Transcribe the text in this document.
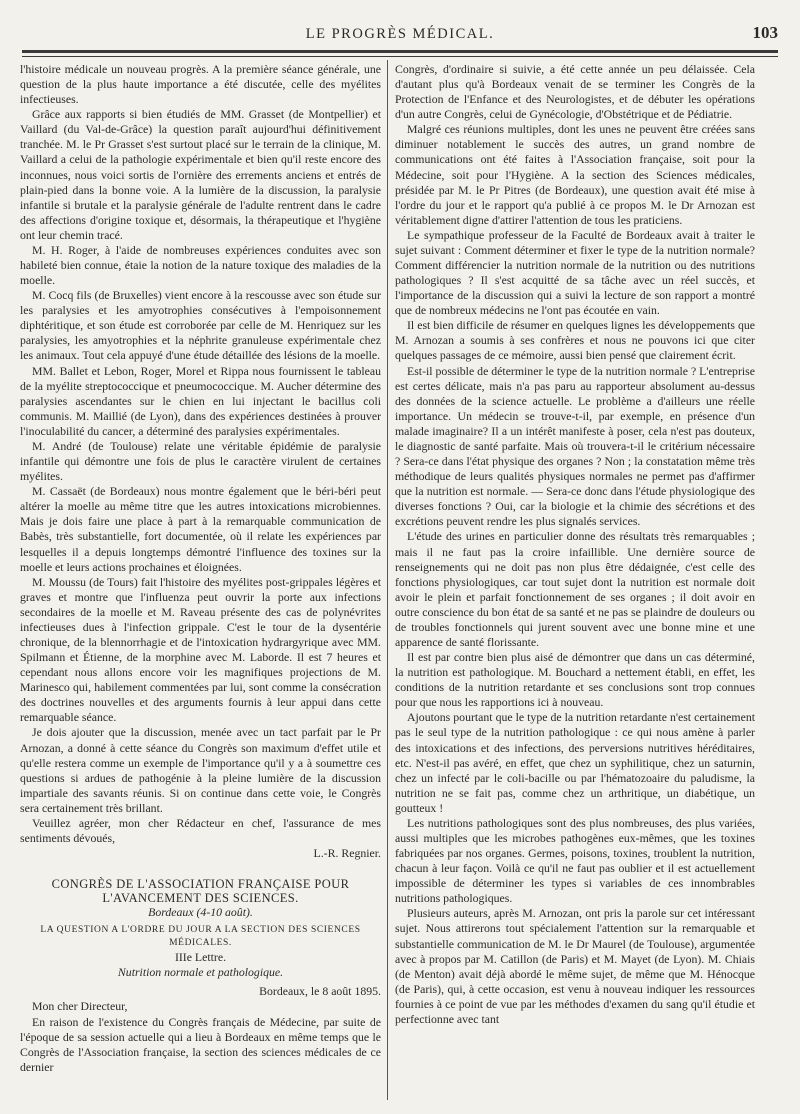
LE PROGRÈS MÉDICAL.	103

l'histoire médicale un nouveau progrès. A la première séance générale, une question de la plus haute importance a été discutée, celle des myélites infectieuses.

Grâce aux rapports si bien étudiés de MM. Grasset (de Montpellier) et Vaillard (du Val-de-Grâce) la question paraît aujourd'hui définitivement tranchée. M. le Pr Grasset s'est surtout placé sur le terrain de la clinique, M. Vaillard a celui de la pathologie expérimentale et bien qu'il reste encore des inconnues, nous voici sortis de l'ornière des errements anciens et entrés de plain-pied dans la bonne voie. A la lumière de la discussion, la paralysie infantile si brutale et la paralysie générale de l'adulte rentrent dans le cadre des affections d'origine toxique et, désormais, la thérapeutique et l'hygiène ont leur chemin tracé.

M. H. Roger, à l'aide de nombreuses expériences conduites avec son habileté bien connue, étaie la notion de la nature toxique des maladies de la moelle.

M. Cocq fils (de Bruxelles) vient encore à la rescousse avec son étude sur les paralysies et les amyotrophies consécutives à l'empoisonnement diphtéritique, et son étude est corroborée par celle de M. Henriquez sur les paralysies, les amyotrophies et la néphrite granuleuse expérimentale chez les animaux. Tout cela appuyé d'une étude détaillée des lésions de la moelle.

MM. Ballet et Lebon, Roger, Morel et Rippa nous fournissent le tableau de la myélite streptococcique et pneumococcique. M. Aucher détermine des paralysies ascendantes sur le chien en lui injectant le bacillus coli communis. M. Maillié (de Lyon), dans des expériences destinées à prouver l'inoculabilité du cancer, a déterminé des paralysies expérimentales.

M. André (de Toulouse) relate une véritable épidémie de paralysie infantile qui démontre une fois de plus le caractère virulent de certaines myélites.

M. Cassaët (de Bordeaux) nous montre également que le béri-béri peut altérer la moelle au même titre que les autres intoxications microbiennes. Mais je dois faire une place à part à la remarquable communication de Babès, très substantielle, fort documentée, où il relate les expériences par lesquelles il a depuis longtemps démontré l'influence des toxines sur la moelle et leurs actions prochaines et éloignées.

M. Moussu (de Tours) fait l'histoire des myélites post-grippales légères et graves et montre que l'influenza peut ouvrir la porte aux infections secondaires de la moelle et M. Raveau présente des cas de polynévrites infectieuses dues à l'infection grippale. C'est le tour de la dysentérie chronique, de la blennorrhagie et de l'intoxication hydrargyrique avec MM. Spilmann et Étienne, de la morphine avec M. Laborde. Il est 7 heures et cependant nous allons encore voir les magnifiques projections de M. Marinesco qui, habilement commentées par lui, sont comme la consécration des doctrines nouvelles et des arguments fournis à leur appui dans cette remarquable séance.

Je dois ajouter que la discussion, menée avec un tact parfait par le Pr Arnozan, a donné à cette séance du Congrès son maximum d'effet utile et qu'elle restera comme un exemple de l'importance qu'il y a à soumettre ces questions si ardues de pathogénie à la pleine lumière de la discussion impartiale des savants réunis. Si on continue dans cette voie, le Congrès sera certainement très brillant.

Veuillez agréer, mon cher Rédacteur en chef, l'assurance de mes sentiments dévoués,

L.-R. Regnier.

CONGRÈS DE L'ASSOCIATION FRANÇAISE POUR L'AVANCEMENT DES SCIENCES.

Bordeaux (4-10 août).

LA QUESTION A L'ORDRE DU JOUR A LA SECTION DES SCIENCES MÉDICALES.

IIIe Lettre.

Nutrition normale et pathologique.

Bordeaux, le 8 août 1895.

Mon cher Directeur,

En raison de l'existence du Congrès français de Médecine, par suite de l'époque de sa session actuelle qui a lieu à Bordeaux en même temps que le Congrès de l'Association française, la section des sciences médicales de ce dernier

Congrès, d'ordinaire si suivie, a été cette année un peu délaissée. Cela d'autant plus qu'à Bordeaux venait de se terminer les Congrès de la Protection de l'Enfance et des Neurologistes, et de débuter les opérations d'un autre Congrès, celui de Gynécologie, d'Obstétrique et de Pédiatrie.

Malgré ces réunions multiples, dont les unes ne peuvent être créées sans diminuer notablement le succès des autres, un grand nombre de communications ont été faites à l'Association française, soit pour la Médecine, soit pour l'Hygiène. A la section des Sciences médicales, présidée par M. le Pr Pitres (de Bordeaux), une question avait été mise à l'ordre du jour et le rapport qu'a publié à ce propos M. le Dr Arnozan est véritablement digne d'attirer l'attention de tous les praticiens.

Le sympathique professeur de la Faculté de Bordeaux avait à traiter le sujet suivant : Comment déterminer et fixer le type de la nutrition normale? Comment différencier la nutrition normale de la nutrition ou des nutritions pathologiques ? Il s'est acquitté de sa tâche avec un réel succès, et l'importance de la discussion qui a suivi la lecture de son rapport a montré que de nombreux médecins ne l'ont pas écoutée en vain.

Il est bien difficile de résumer en quelques lignes les développements que M. Arnozan a soumis à ses confrères et nous ne pouvons ici que citer quelques passages de ce mémoire, aussi bien pensé que clairement écrit.

Est-il possible de déterminer le type de la nutrition normale ? L'entreprise est certes délicate, mais n'a pas paru au rapporteur absolument au-dessus des données de la science actuelle. Le problème a d'ailleurs une réelle importance. Un médecin se trouve-t-il, par exemple, en présence d'un malade imaginaire? Il a un intérêt manifeste à poser, cela n'est pas douteux, le diagnostic de santé parfaite. Mais où trouvera-t-il le critérium nécessaire ? Sera-ce dans l'état physique des organes ? Non ; la constatation même très méthodique de leurs qualités physiques normales ne permet pas d'affirmer que la nutrition est normale. — Sera-ce donc dans l'étude physiologique des diverses fonctions ? Oui, car la biologie et la chimie des sécrétions et des excrétions peuvent rendre les plus signalés services.

L'étude des urines en particulier donne des résultats très remarquables ; mais il ne faut pas la croire infaillible. Une dernière source de renseignements qui ne doit pas non plus être dédaignée, c'est celle des fonctions physiologiques, car tout sujet dont la nutrition est normale doit avoir le plein et parfait fonctionnement de ses organes ; il doit avoir en outre conscience du bon état de sa santé et ne pas se plaindre de douleurs ou de troubles fonctionnels qui jurent souvent avec une bonne mine et une apparence de santé florissante.

Il est par contre bien plus aisé de démontrer que dans un cas déterminé, la nutrition est pathologique. M. Bouchard a nettement établi, en effet, les conditions de la nutrition retardante et ses conclusions sont trop connues pour que nous les rapportions ici à nouveau.

Ajoutons pourtant que le type de la nutrition retardante n'est certainement pas le seul type de la nutrition pathologique : ce qui nous amène à parler des intoxications et des infections, des perversions nutritives héréditaires, etc. N'est-il pas avéré, en effet, que chez un syphilitique, chez un saturnin, chez un infecté par le coli-bacille ou par l'hématozoaire du paludisme, la nutrition ne se fait pas, comme chez un arthritique, un diabétique, un goutteux !

Les nutritions pathologiques sont des plus nombreuses, des plus variées, aussi multiples que les microbes pathogènes eux-mêmes, que les toxines fabriquées par nos organes. Germes, poisons, toxines, troublent la nutrition, chacun à leur façon. Voilà ce qu'il ne faut pas oublier et il est actuellement impossible de déterminer les types si variables de ces innombrables nutritions pathologiques.

Plusieurs auteurs, après M. Arnozan, ont pris la parole sur cet intéressant sujet. Nous attirerons tout spécialement l'attention sur la remarquable et substantielle communication de M. le Dr Maurel (de Toulouse), argumentée avec à propos par M. Catillon (de Paris) et M. Mayet (de Lyon). M. Chiais (de Menton) avait déjà abordé le même sujet, de même que M. Hénocque (de Paris), qui, à cette occasion, est venu à nouveau indiquer les ressources fournies à ce point de vue par les méthodes d'examen du sang qu'il étudie et perfectionne avec tant
